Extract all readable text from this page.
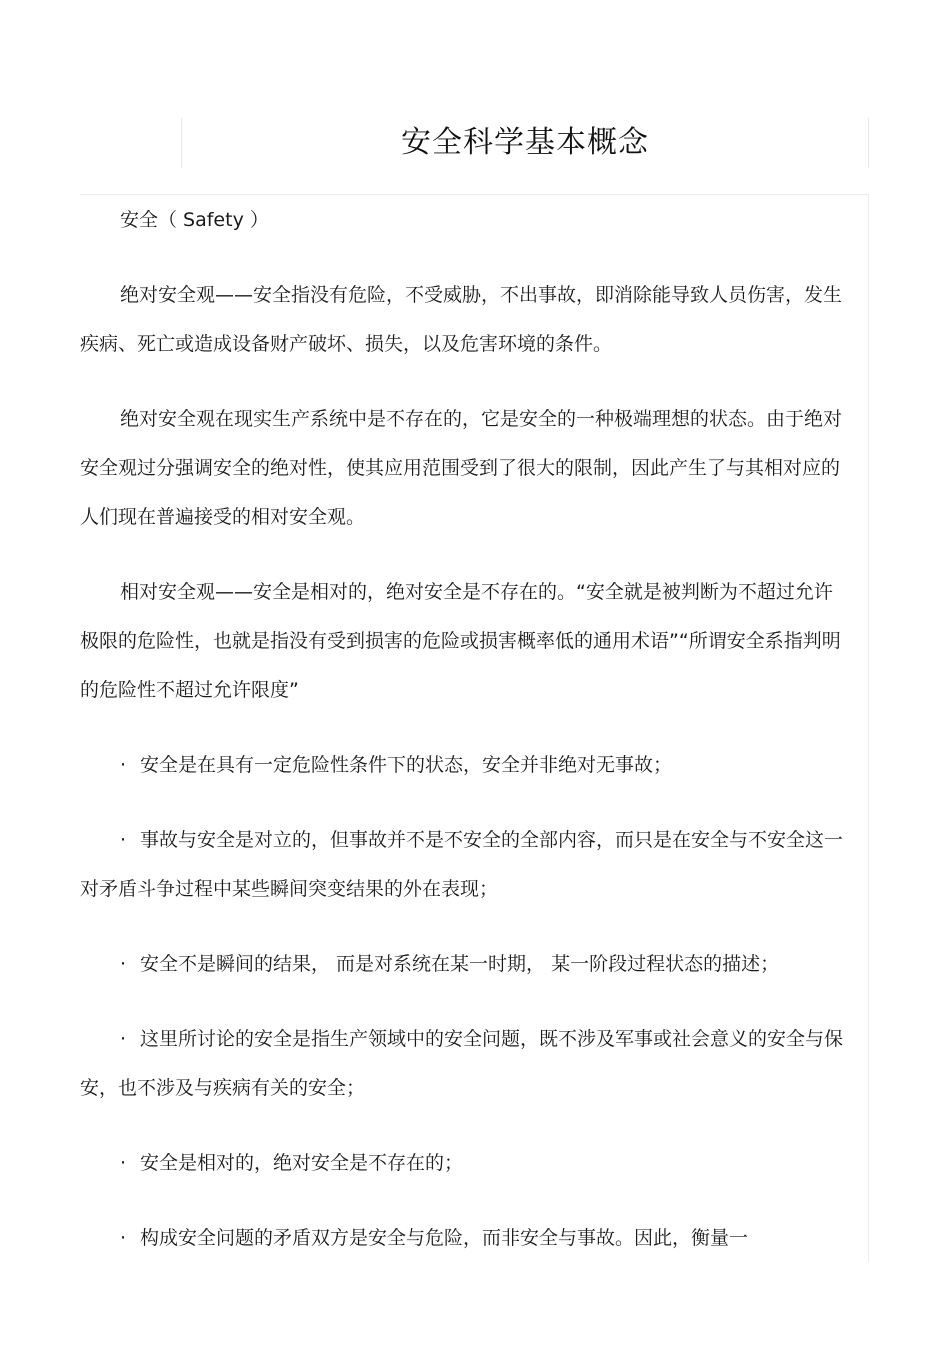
安全科学基本概念

安全（ Safety ）

绝对安全观——安全指没有危险，不受威胁，不出事故，即消除能导致人员伤害，发生疾病、死亡或造成设备财产破坏、损失，以及危害环境的条件。

绝对安全观在现实生产系统中是不存在的，它是安全的一种极端理想的状态。由于绝对安全观过分强调安全的绝对性，使其应用范围受到了很大的限制，因此产生了与其相对应的人们现在普遍接受的相对安全观。

相对安全观——安全是相对的，绝对安全是不存在的。“安全就是被判断为不超过允许极限的危险性，也就是指没有受到损害的危险或损害概率低的通用术语”“所谓安全系指判明的危险性不超过允许限度”

· 安全是在具有一定危险性条件下的状态，安全并非绝对无事故；

· 事故与安全是对立的，但事故并不是不安全的全部内容，而只是在安全与不安全这一对矛盾斗争过程中某些瞬间突变结果的外在表现；

· 安全不是瞬间的结果， 而是对系统在某一时期， 某一阶段过程状态的描述；

· 这里所讨论的安全是指生产领域中的安全问题，既不涉及军事或社会意义的安全与保安，也不涉及与疾病有关的安全；

· 安全是相对的，绝对安全是不存在的；

· 构成安全问题的矛盾双方是安全与危险，而非安全与事故。因此，衡量一
